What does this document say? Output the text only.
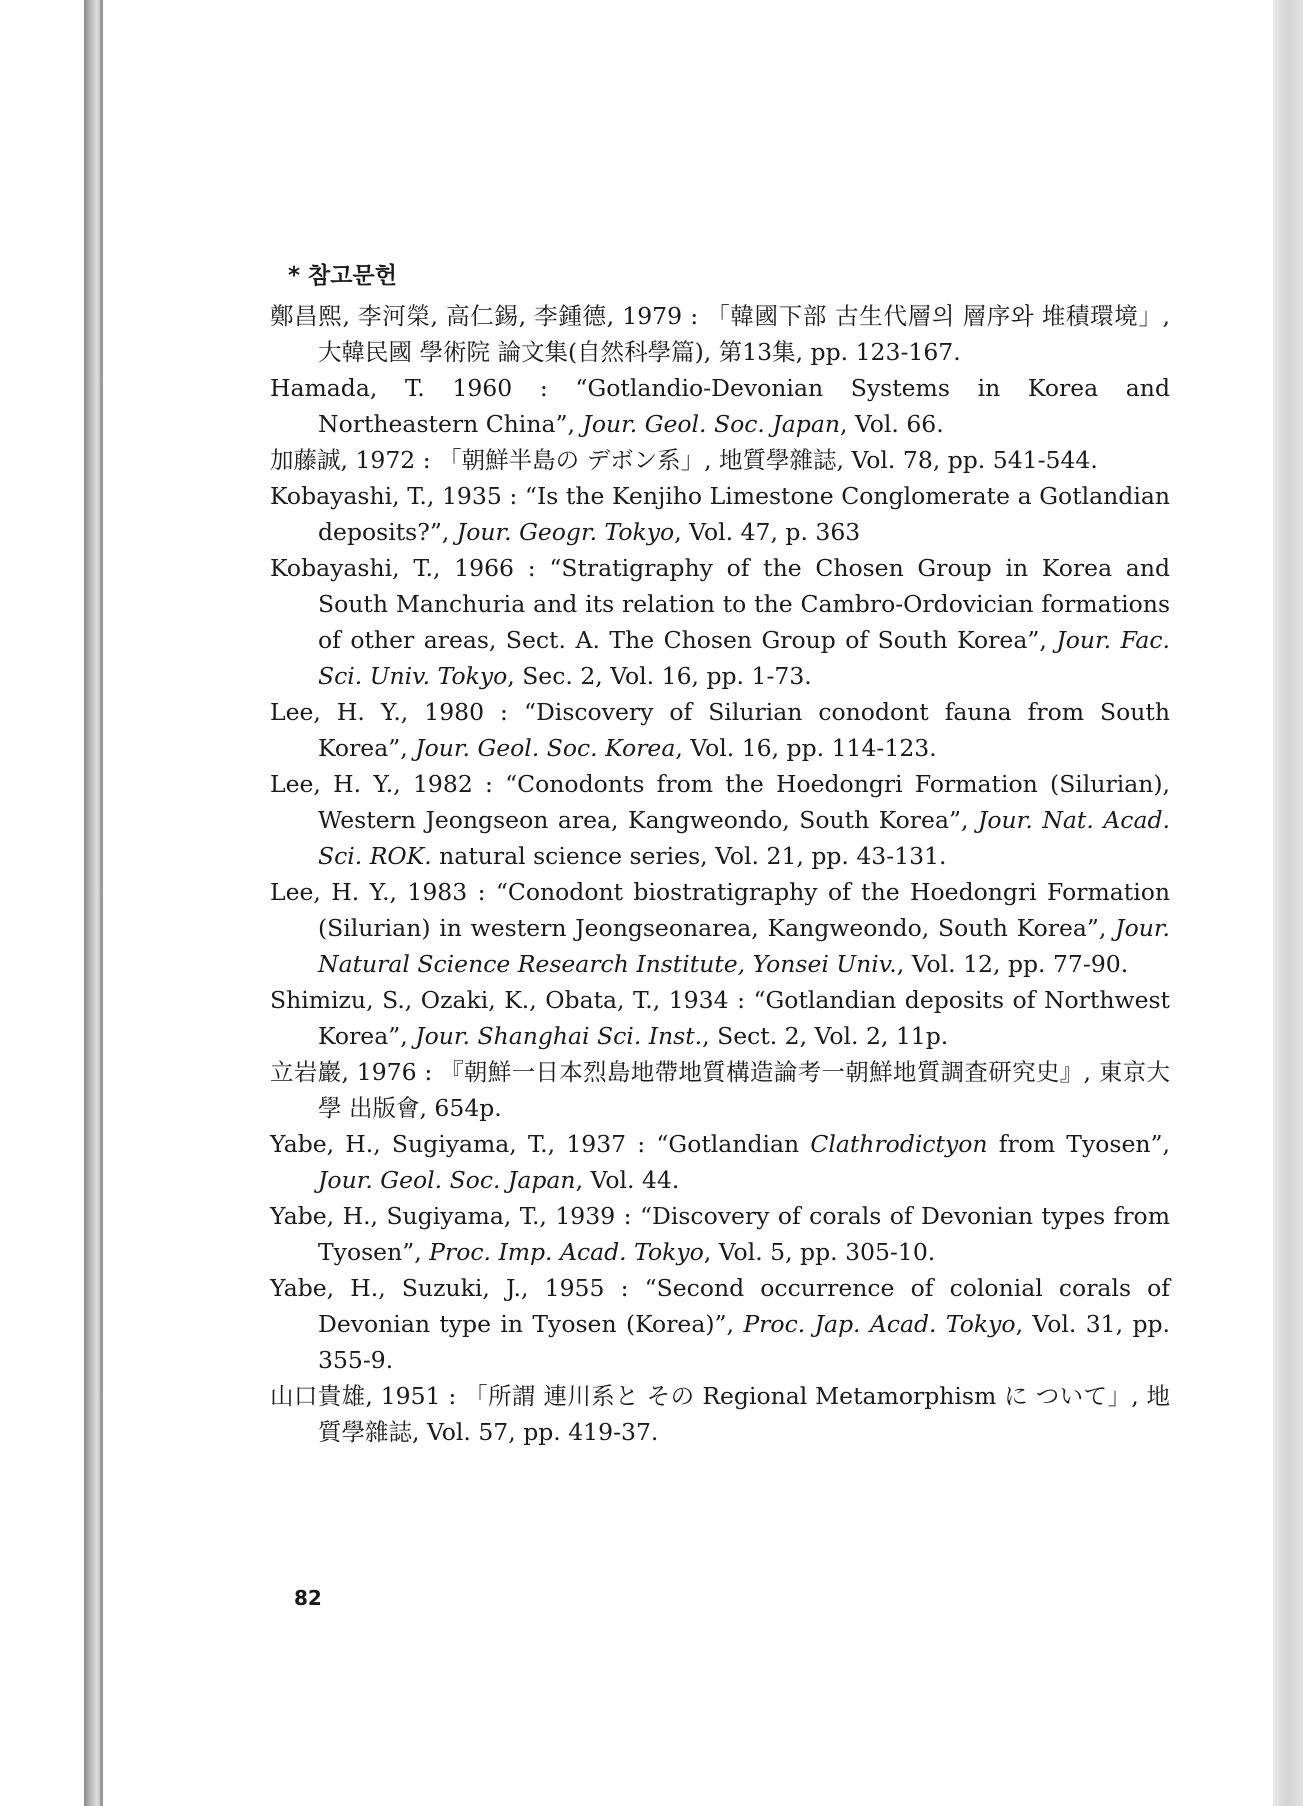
* 참고문헌
鄭昌熙, 李河榮, 高仁錫, 李鍾德, 1979 : 「韓國下部 古生代層의 層序와 堆積環境」, 大韓民國 學術院 論文集(自然科學篇), 第13集, pp. 123-167.
Hamada, T. 1960 : “Gotlandio-Devonian Systems in Korea and Northeastern China”, Jour. Geol. Soc. Japan, Vol. 66.
加藤誠, 1972 : 「朝鮮半島の デボン系」, 地質學雜誌, Vol. 78, pp. 541-544.
Kobayashi, T., 1935 : “Is the Kenjiho Limestone Conglomerate a Gotlandian deposits?”, Jour. Geogr. Tokyo, Vol. 47, p. 363
Kobayashi, T., 1966 : “Stratigraphy of the Chosen Group in Korea and South Manchuria and its relation to the Cambro-Ordovician formations of other areas, Sect. A. The Chosen Group of South Korea”, Jour. Fac. Sci. Univ. Tokyo, Sec. 2, Vol. 16, pp. 1-73.
Lee, H. Y., 1980 : “Discovery of Silurian conodont fauna from South Korea”, Jour. Geol. Soc. Korea, Vol. 16, pp. 114-123.
Lee, H. Y., 1982 : “Conodonts from the Hoedongri Formation (Silurian), Western Jeongseon area, Kangweondo, South Korea”, Jour. Nat. Acad. Sci. ROK. natural science series, Vol. 21, pp. 43-131.
Lee, H. Y., 1983 : “Conodont biostratigraphy of the Hoedongri Formation (Silurian) in western Jeongseonarea, Kangweondo, South Korea”, Jour. Natural Science Research Institute, Yonsei Univ., Vol. 12, pp. 77-90.
Shimizu, S., Ozaki, K., Obata, T., 1934 : “Gotlandian deposits of Northwest Korea”, Jour. Shanghai Sci. Inst., Sect. 2, Vol. 2, 11p.
立岩巖, 1976 : 『朝鮮一日本烈島地帶地質構造論考一朝鮮地質調査研究史』, 東京大學 出版會, 654p.
Yabe, H., Sugiyama, T., 1937 : “Gotlandian Clathrodictyon from Tyosen”, Jour. Geol. Soc. Japan, Vol. 44.
Yabe, H., Sugiyama, T., 1939 : “Discovery of corals of Devonian types from Tyosen”, Proc. Imp. Acad. Tokyo, Vol. 5, pp. 305-10.
Yabe, H., Suzuki, J., 1955 : “Second occurrence of colonial corals of Devonian type in Tyosen (Korea)”, Proc. Jap. Acad. Tokyo, Vol. 31, pp. 355-9.
山口貴雄, 1951 : 「所謂 連川系と その Regional Metamorphism に ついて」, 地質學雜誌, Vol. 57, pp. 419-37.
82
